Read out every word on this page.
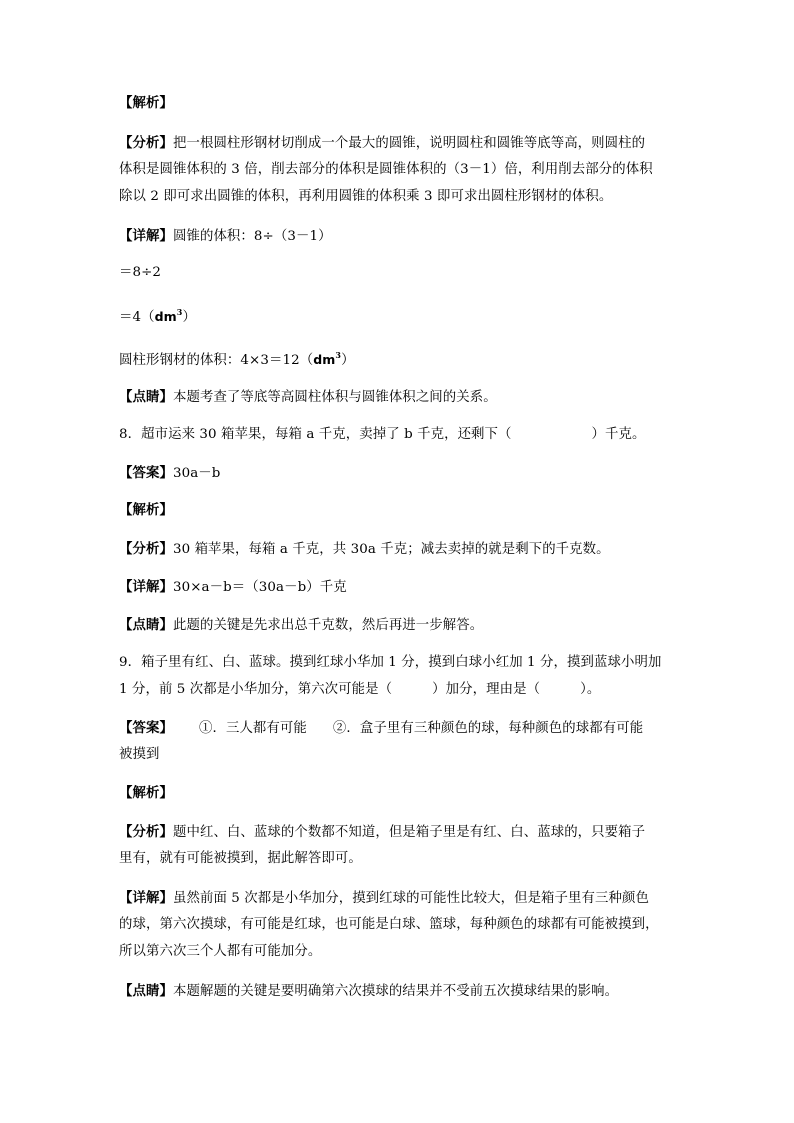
【解析】
【分析】把一根圆柱形钢材切削成一个最大的圆锥，说明圆柱和圆锥等底等高，则圆柱的
体积是圆锥体积的 3 倍，削去部分的体积是圆锥体积的（3－1）倍，利用削去部分的体积
除以 2 即可求出圆锥的体积，再利用圆锥的体积乘 3 即可求出圆柱形钢材的体积。
【详解】圆锥的体积：8÷（3－1）
＝8÷2
$=4(dm^3)$
圆柱形钢材的体积：$4\times 3=12(dm^3)$
【点睛】本题考查了等底等高圆柱体积与圆锥体积之间的关系。
8．超市运来 30 箱苹果，每箱 a 千克，卖掉了 b 千克，还剩下（	）千克。
【答案】30a－b
【解析】
【分析】30 箱苹果，每箱 a 千克，共 30a 千克；减去卖掉的就是剩下的千克数。
【详解】30×a－b＝（30a－b）千克
【点睛】此题的关键是先求出总千克数，然后再进一步解答。
9．箱子里有红、白、蓝球。摸到红球小华加 1 分，摸到白球小红加 1 分，摸到蓝球小明加
1 分，前 5 次都是小华加分，第六次可能是（	）加分，理由是（	）。
【答案】 ①．三人都有可能 ②．盒子里有三种颜色的球，每种颜色的球都有可能
被摸到
【解析】
【分析】题中红、白、蓝球的个数都不知道，但是箱子里是有红、白、蓝球的，只要箱子
里有，就有可能被摸到，据此解答即可。
【详解】虽然前面 5 次都是小华加分，摸到红球的可能性比较大，但是箱子里有三种颜色
的球，第六次摸球，有可能是红球，也可能是白球、篮球，每种颜色的球都有可能被摸到，
所以第六次三个人都有可能加分。
【点睛】本题解题的关键是要明确第六次摸球的结果并不受前五次摸球结果的影响。
